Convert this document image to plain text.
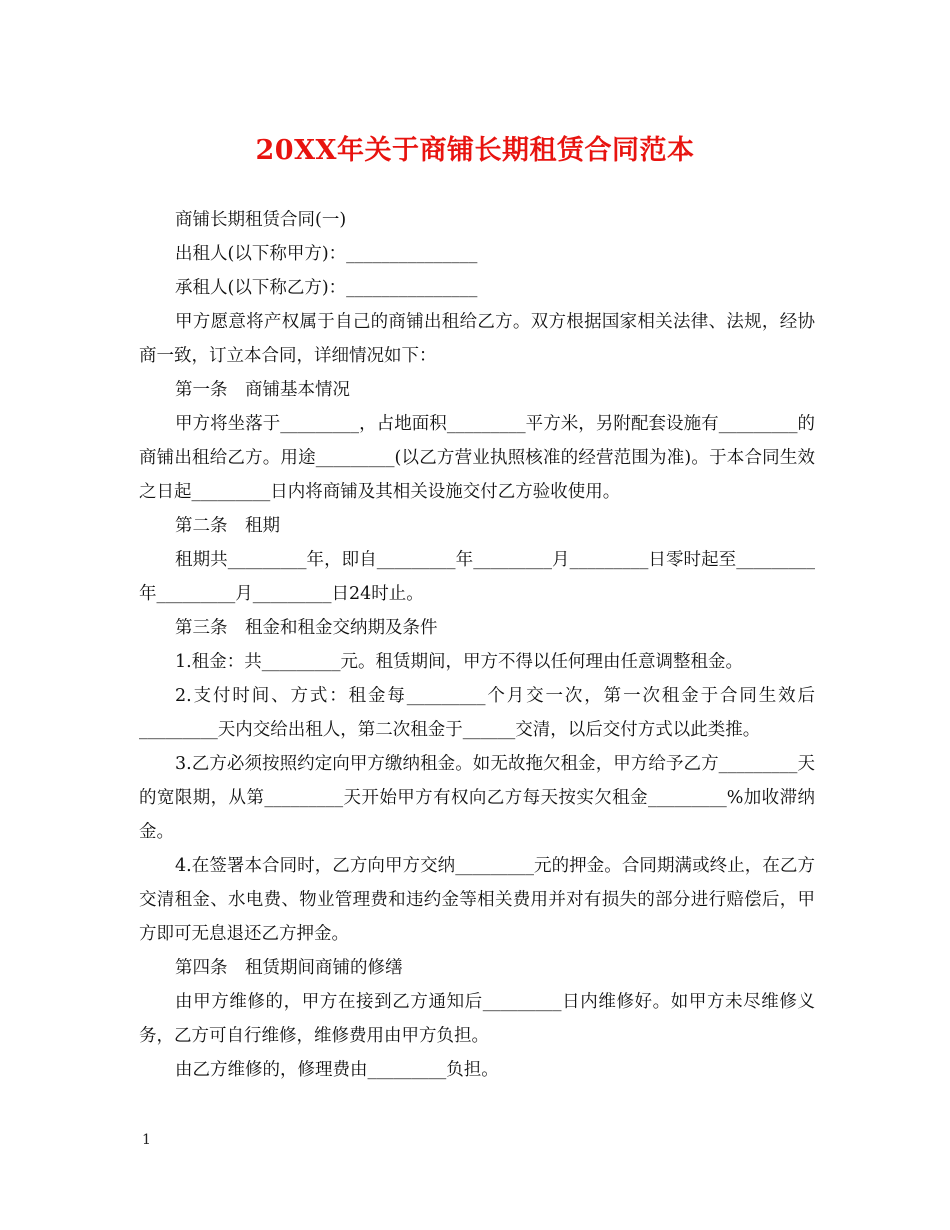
20XX年关于商铺长期租赁合同范本

商铺长期租赁合同(一)

出租人(以下称甲方)：_______________

承租人(以下称乙方)：_______________

甲方愿意将产权属于自己的商铺出租给乙方。双方根据国家相关法律、法规，经协商一致，订立本合同，详细情况如下：

第一条　商铺基本情况

甲方将坐落于_________，占地面积_________平方米，另附配套设施有_________的商铺出租给乙方。用途_________(以乙方营业执照核准的经营范围为准)。于本合同生效之日起_________日内将商铺及其相关设施交付乙方验收使用。

第二条　租期

租期共_________年，即自_________年_________月_________日零时起至_________年_________月_________日24时止。

第三条　租金和租金交纳期及条件

1.租金：共_________元。租赁期间，甲方不得以任何理由任意调整租金。

2.支付时间、方式：租金每_________个月交一次，第一次租金于合同生效后_________天内交给出租人，第二次租金于______交清，以后交付方式以此类推。

3.乙方必须按照约定向甲方缴纳租金。如无故拖欠租金，甲方给予乙方_________天的宽限期，从第_________天开始甲方有权向乙方每天按实欠租金_________%加收滞纳金。

4.在签署本合同时，乙方向甲方交纳_________元的押金。合同期满或终止，在乙方交清租金、水电费、物业管理费和违约金等相关费用并对有损失的部分进行赔偿后，甲方即可无息退还乙方押金。

第四条　租赁期间商铺的修缮

由甲方维修的，甲方在接到乙方通知后_________日内维修好。如甲方未尽维修义务，乙方可自行维修，维修费用由甲方负担。

由乙方维修的，修理费由_________负担。

1
